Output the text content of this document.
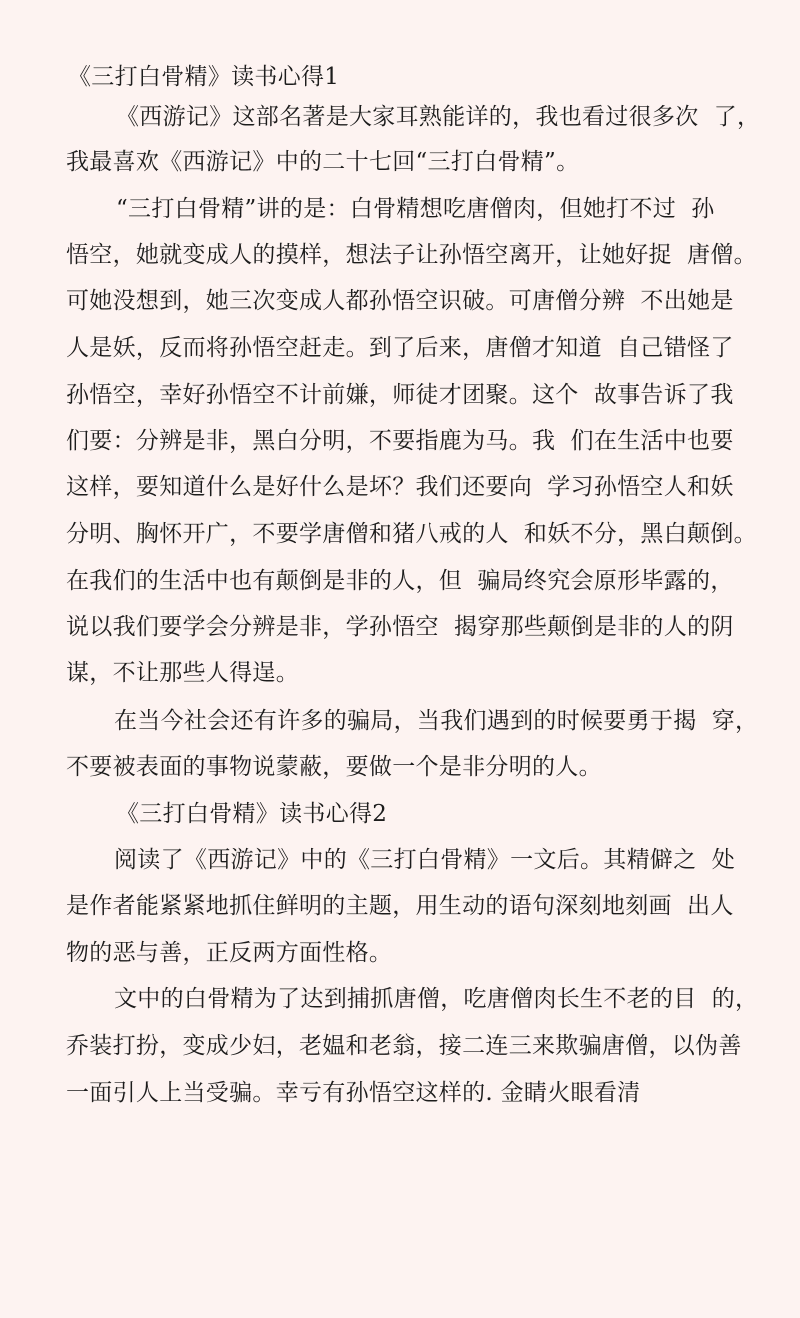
《三打白骨精》读书心得1
《西游记》这部名著是大家耳熟能详的，我也看过很多次  了，
我最喜欢《西游记》中的二十七回“三打白骨精”。
“三打白骨精”讲的是：白骨精想吃唐僧肉，但她打不过  孙
悟空，她就变成人的摸样，想法子让孙悟空离开，让她好捉  唐僧。
可她没想到，她三次变成人都孙悟空识破。可唐僧分辨  不出她是
人是妖，反而将孙悟空赶走。到了后来，唐僧才知道  自己错怪了
孙悟空，幸好孙悟空不计前嫌，师徒才团聚。这个  故事告诉了我
们要：分辨是非，黑白分明，不要指鹿为马。我  们在生活中也要
这样，要知道什么是好什么是坏？我们还要向  学习孙悟空人和妖
分明、胸怀开广，不要学唐僧和猪八戒的人  和妖不分，黑白颠倒。
在我们的生活中也有颠倒是非的人，但  骗局终究会原形毕露的，
说以我们要学会分辨是非，学孙悟空  揭穿那些颠倒是非的人的阴
谋，不让那些人得逞。
在当今社会还有许多的骗局，当我们遇到的时候要勇于揭  穿，
不要被表面的事物说蒙蔽，要做一个是非分明的人。
《三打白骨精》读书心得2
阅读了《西游记》中的《三打白骨精》一文后。其精僻之  处
是作者能紧紧地抓住鲜明的主题，用生动的语句深刻地刻画  出人
物的恶与善，正反两方面性格。
文中的白骨精为了达到捕抓唐僧，吃唐僧肉长生不老的目  的，
乔装打扮，变成少妇，老媪和老翁，接二连三来欺骗唐僧，以伪善
一面引人上当受骗。幸亏有孙悟空这样的. 金睛火眼看清
